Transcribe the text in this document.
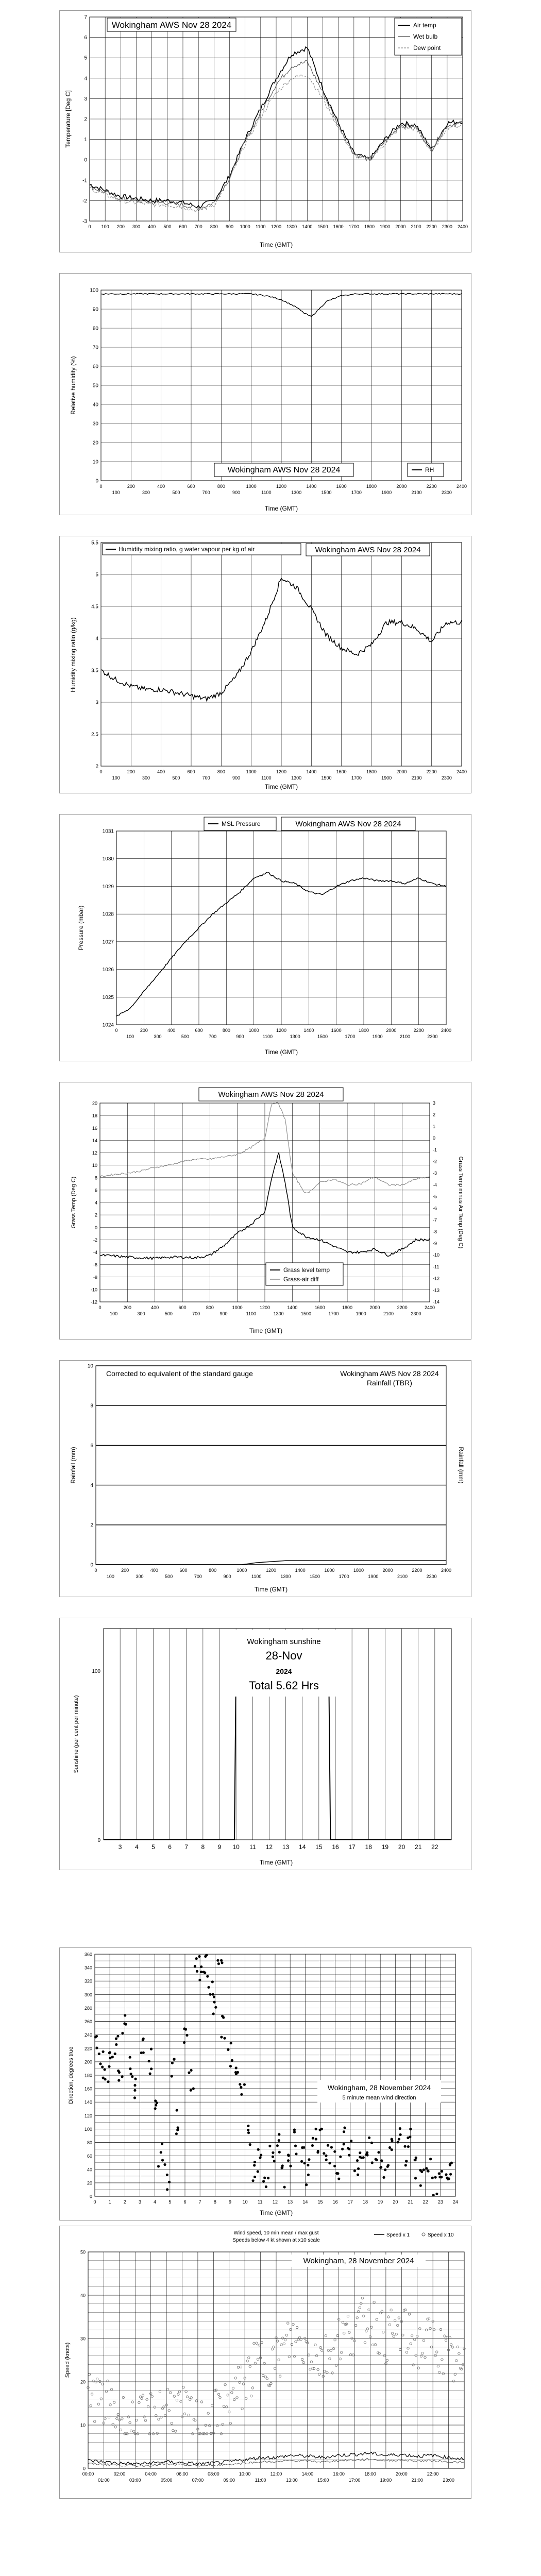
-3
-2
-1
0
1
2
3
4
5
6
7
0 100 200 300 400 500 600 700 800 900 1000 1100 1200 1300 1400 1500 1600 1700 1800 1900 2000 2100 2200 2300 2400
Wokingham AWS Nov 28 2024	Air temp
Wet bulb
Dew point
Temperature [Deg C]
Time (GMT)
0
10
20
30
40
50
60
70
80
90
100
0	200	400	600	800	1000	1200	1400	1600	1800	2000	2200	2400
100	300	500	700	900	1100	1300	1500	1700	1900	2100	2300
Wokingham AWS Nov 28 2024	RH
Relative humidity (%)
Time (GMT)
2
2.5
3
3.5
4
4.5
5
5.5
0	200	400	600	800	1000	1200	1400	1600	1800	2000	2200	2400
100	300	500	700	900	1100	1300	1500	1700	1900	2100	2300
Humidity mixing ratio, g water vapour per kg of air	Wokingham AWS Nov 28 2024
Humidity mixing ratio (g/kg)
Time (GMT)
1024
1025
1026
1027
1028
1029
1030
1031
0	200	400	600	800	1000	1200	1400	1600	1800	2000	2200	2400
100	300	500	700	900	1100	1300	1500	1700	1900	2100	2300
MSL Pressure	Wokingham AWS Nov 28 2024
Pressure (mbar)
Time (GMT)
-12
-10
-8
-6
-4
-2
0
2
4
6
8
10
12
14
16
18
20
-14
-13
-12
-11
-10
-9
-8
-7
-6
-5
-4
-3
-2
-1
0
1
2
3
0	200	400	600	800	1000	1200	1400	1600	1800	2000	2200	2400
100	300	500	700	900	1100	1300	1500	1700	1900	2100	2300
Wokingham AWS Nov 28 2024
Grass level temp
Grass-air diff
Grass Temp (Deg C)	Grass Temp minus Air Temp (Deg C)
Time (GMT)
0
2
4
6
8
10
0	200	400	600	800	1000	1200	1400	1600	1800	2000	2200	2400
100	300	500	700	900	1100	1300	1500	1700	1900	2100	2300
Corrected to equivalent of the standard gauge	Wokingham AWS Nov 28 2024
Rainfall (TBR)
Rainfall (mm)	Rainfall (mm)
Time (GMT)
0
100
3 4 5 6 7 8 9 10 11 12 13 14 15 16 17 18 19 20 21 22
Wokingham sunshine
28-Nov
2024
Total 5.62 Hrs
Sunshine (per cent per minute)
Time (GMT)
0
20
40
60
80
100
120
140
160
180
200
220
240
260
280
300
320
340
360
0	1	2	3	4	5	6	7	8	9 10 11 12 13 14 15 16 17 18 19 20 21 22 23 24
Wokingham, 28 November 2024
5 minute mean wind direction
Direction, degrees true
Time (GMT)
0
10
20
30
40
50
00:00	02:00	04:00	06:00	08:00	10:00	12:00	14:00	16:00	18:00	20:00	22:00
01:00	03:00	05:00	07:00	09:00	11:00	13:00	15:00	17:00	19:00	21:00	23:00
Wind speed, 10 min mean / max gust
Speeds below 4 kt shown at x10 scale
Speed x 1	Speed x 10
Wokingham, 28 November 2024
Speed (knots)
